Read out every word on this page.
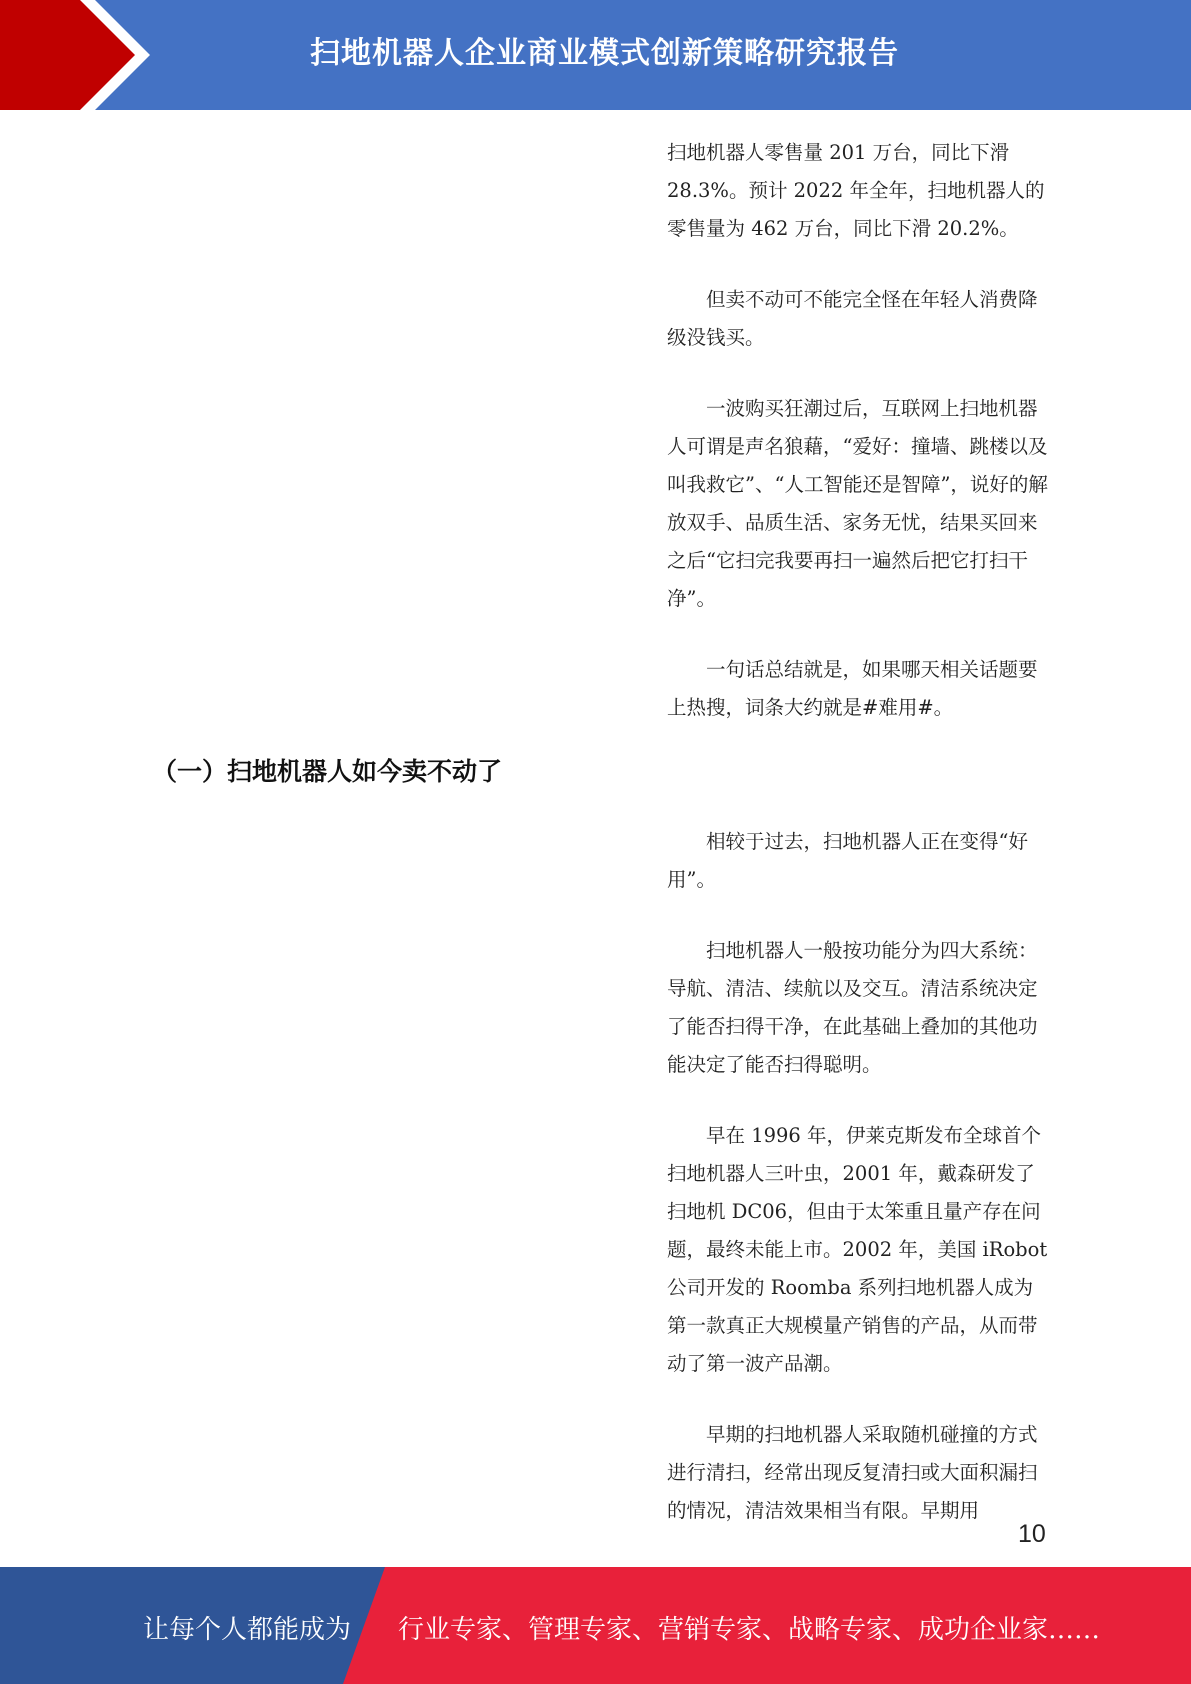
扫地机器人企业商业模式创新策略研究报告

扫地机器人零售量 201 万台，同比下滑 28.3%。预计 2022 年全年，扫地机器人的零售量为 462 万台，同比下滑 20.2%。

但卖不动可不能完全怪在年轻人消费降级没钱买。

一波购买狂潮过后，互联网上扫地机器人可谓是声名狼藉，“爱好：撞墙、跳楼以及叫我救它”、“人工智能还是智障”，说好的解放双手、品质生活、家务无忧，结果买回来之后“它扫完我要再扫一遍然后把它打扫干净”。

一句话总结就是，如果哪天相关话题要上热搜，词条大约就是#难用#。

（一）扫地机器人如今卖不动了

相较于过去，扫地机器人正在变得“好用”。

扫地机器人一般按功能分为四大系统：导航、清洁、续航以及交互。清洁系统决定了能否扫得干净，在此基础上叠加的其他功能决定了能否扫得聪明。

早在 1996 年，伊莱克斯发布全球首个扫地机器人三叶虫，2001 年，戴森研发了扫地机 DC06，但由于太笨重且量产存在问题，最终未能上市。2002 年，美国 iRobot 公司开发的 Roomba 系列扫地机器人成为第一款真正大规模量产销售的产品，从而带动了第一波产品潮。

早期的扫地机器人采取随机碰撞的方式进行清扫，经常出现反复清扫或大面积漏扫的情况，清洁效果相当有限。早期用

10
让每个人都能成为 行业专家、管理专家、营销专家、战略专家、成功企业家……
